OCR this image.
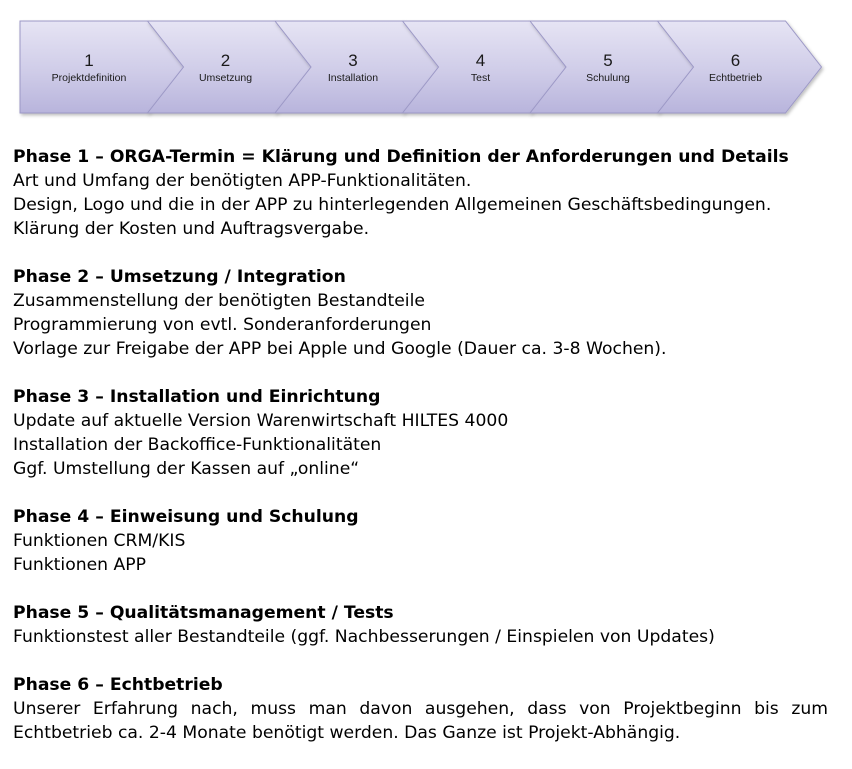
1
Projektdefinition
2
Umsetzung
3
Installation
4
Test
5
Schulung
6
Echtbetrieb
Phase 1 – ORGA-Termin = Klärung und Definition der Anforderungen und Details
Art und Umfang der benötigten APP-Funktionalitäten.
Design, Logo und die in der APP zu hinterlegenden Allgemeinen Geschäftsbedingungen.
Klärung der Kosten und Auftragsvergabe.
Phase 2 – Umsetzung / Integration
Zusammenstellung der benötigten Bestandteile
Programmierung von evtl. Sonderanforderungen
Vorlage zur Freigabe der APP bei Apple und Google (Dauer ca. 3-8 Wochen).
Phase 3 – Installation und Einrichtung
Update auf aktuelle Version Warenwirtschaft HILTES 4000
Installation der Backoffice-Funktionalitäten
Ggf. Umstellung der Kassen auf „online“
Phase 4 – Einweisung und Schulung
Funktionen CRM/KIS
Funktionen APP
Phase 5 – Qualitätsmanagement / Tests
Funktionstest aller Bestandteile (ggf. Nachbesserungen / Einspielen von Updates)
Phase 6 – Echtbetrieb
Unserer Erfahrung nach, muss man davon ausgehen, dass von Projektbeginn bis zum Echtbetrieb ca. 2-4 Monate benötigt werden. Das Ganze ist Projekt-Abhängig.
